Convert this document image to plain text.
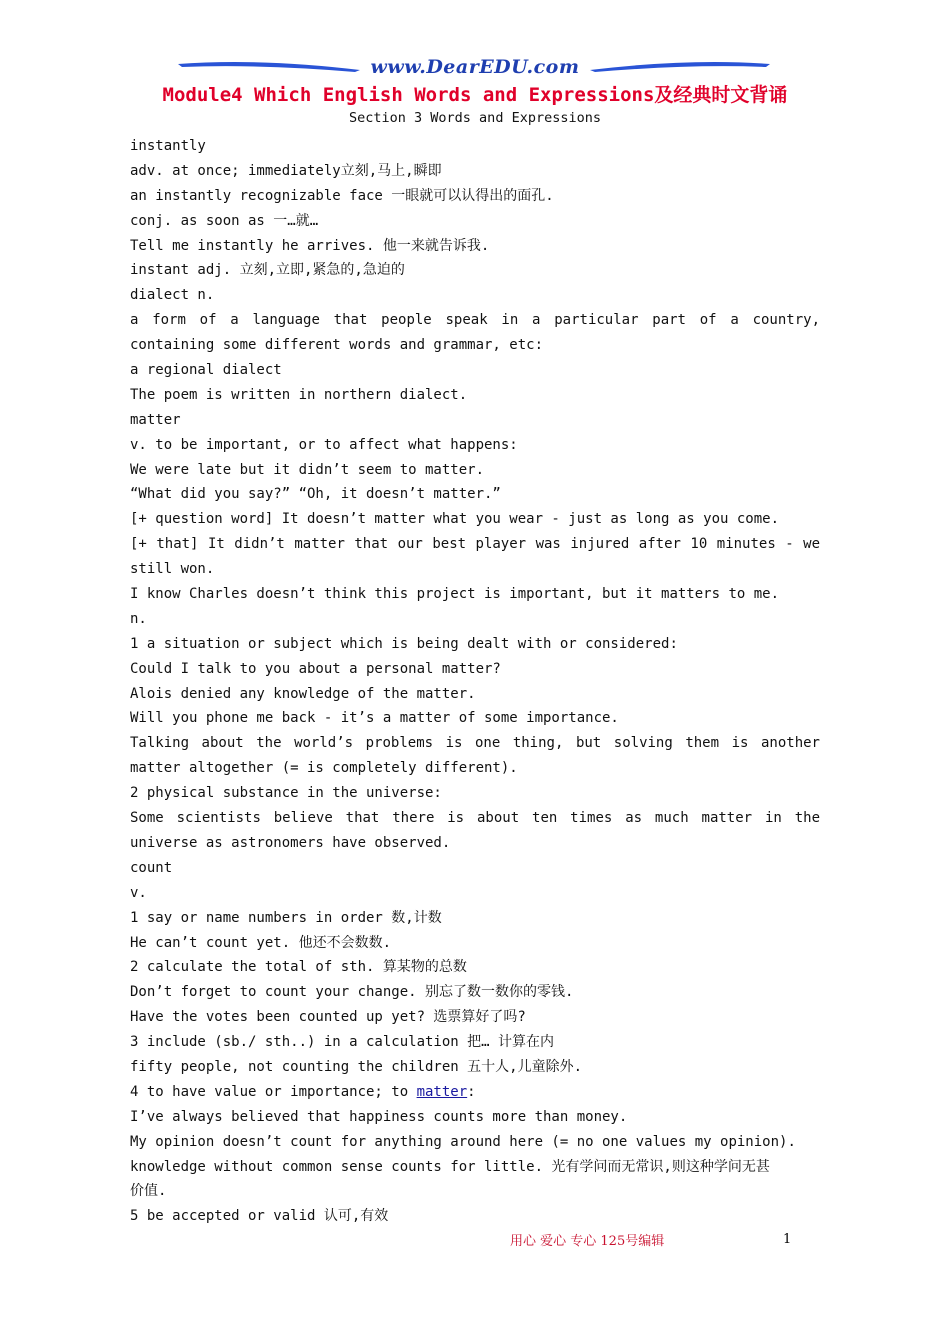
www.DearEDU.com
Module4 Which English Words and Expressions及经典时文背诵
Section 3 Words and Expressions
instantly
adv. at once; immediately立刻,马上,瞬即
an instantly recognizable face 一眼就可以认得出的面孔.
conj. as soon as 一…就…
Tell me instantly he arrives. 他一来就告诉我.
instant adj. 立刻,立即,紧急的,急迫的
dialect n.
a form of a language that people speak in a particular part of a country,
containing some different words and grammar, etc:
a regional dialect
The poem is written in northern dialect.
matter
v. to be important, or to affect what happens:
We were late but it didn’t seem to matter.
“What did you say?” “Oh, it doesn’t matter.”
[+ question word] It doesn’t matter what you wear - just as long as you come.
[+ that] It didn’t matter that our best player was injured after 10 minutes - we
still won.
I know Charles doesn’t think this project is important, but it matters to me.
n.
1 a situation or subject which is being dealt with or considered:
Could I talk to you about a personal matter?
Alois denied any knowledge of the matter.
Will you phone me back - it’s a matter of some importance.
Talking about the world’s problems is one thing, but solving them is another
matter altogether (= is completely different).
2 physical substance in the universe:
Some scientists believe that there is about ten times as much matter in the
universe as astronomers have observed.
count
v.
1 say or name numbers in order 数,计数
He can’t count yet. 他还不会数数.
2 calculate the total of sth. 算某物的总数
Don’t forget to count your change. 别忘了数一数你的零钱.
Have the votes been counted up yet? 选票算好了吗?
3 include (sb./ sth..) in a calculation 把… 计算在内
fifty people, not counting the children 五十人,儿童除外.
4 to have value or importance; to matter:
I’ve always believed that happiness counts more than money.
My opinion doesn’t count for anything around here (= no one values my opinion).
knowledge without common sense counts for little. 光有学问而无常识,则这种学问无甚
价值.
5 be accepted or valid 认可,有效
用心 爱心 专心 125号编辑	1
